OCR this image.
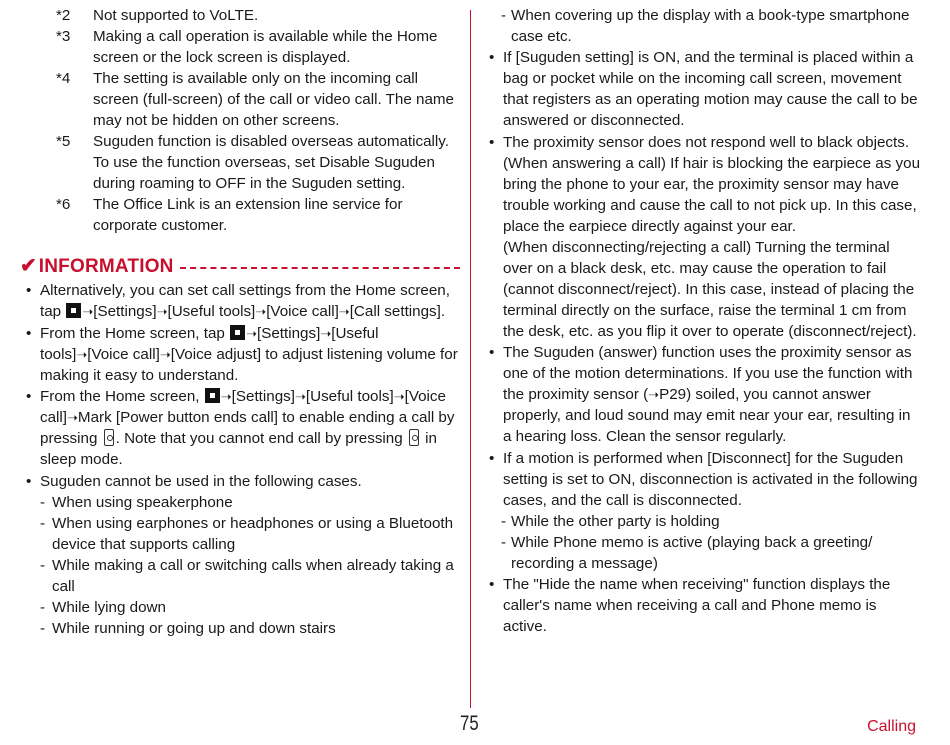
*2	Not supported to VoLTE.
*3	Making a call operation is available while the Home screen or the lock screen is displayed.
*4	The setting is available only on the incoming call screen (full-screen) of the call or video call. The name may not be hidden on other screens.
*5	Suguden function is disabled overseas automatically. To use the function overseas, set Disable Suguden during roaming to OFF in the Suguden setting.
*6	The Office Link is an extension line service for corporate customer.
✔ INFORMATION
• Alternatively, you can set call settings from the Home screen, tap ➝[Settings]➝[Useful tools]➝[Voice call]➝[Call settings].
• From the Home screen, tap ➝[Settings]➝[Useful tools]➝[Voice call]➝[Voice adjust] to adjust listening volume for making it easy to understand.
• From the Home screen, ➝[Settings]➝[Useful tools]➝[Voice call]➝Mark [Power button ends call] to enable ending a call by pressing . Note that you cannot end call by pressing  in sleep mode.
• Suguden cannot be used in the following cases.
- When using speakerphone
- When using earphones or headphones or using a Bluetooth device that supports calling
- While making a call or switching calls when already taking a call
- While lying down
- While running or going up and down stairs
- When covering up the display with a book-type smartphone case etc.
• If [Suguden setting] is ON, and the terminal is placed within a bag or pocket while on the incoming call screen, movement that registers as an operating motion may cause the call to be answered or disconnected.
• The proximity sensor does not respond well to black objects. (When answering a call) If hair is blocking the earpiece as you bring the phone to your ear, the proximity sensor may have trouble working and cause the call to not pick up. In this case, place the earpiece directly against your ear.
(When disconnecting/rejecting a call) Turning the terminal over on a black desk, etc. may cause the operation to fail (cannot disconnect/reject). In this case, instead of placing the terminal directly on the surface, raise the terminal 1 cm from the desk, etc. as you flip it over to operate (disconnect/reject).
• The Suguden (answer) function uses the proximity sensor as one of the motion determinations. If you use the function with the proximity sensor (➝P29) soiled, you cannot answer properly, and loud sound may emit near your ear, resulting in a hearing loss. Clean the sensor regularly.
• If a motion is performed when [Disconnect] for the Suguden setting is set to ON, disconnection is activated in the following cases, and the call is disconnected.
- While the other party is holding
- While Phone memo is active (playing back a greeting/ recording a message)
• The "Hide the name when receiving" function displays the caller's name when receiving a call and Phone memo is active.
75	Calling
